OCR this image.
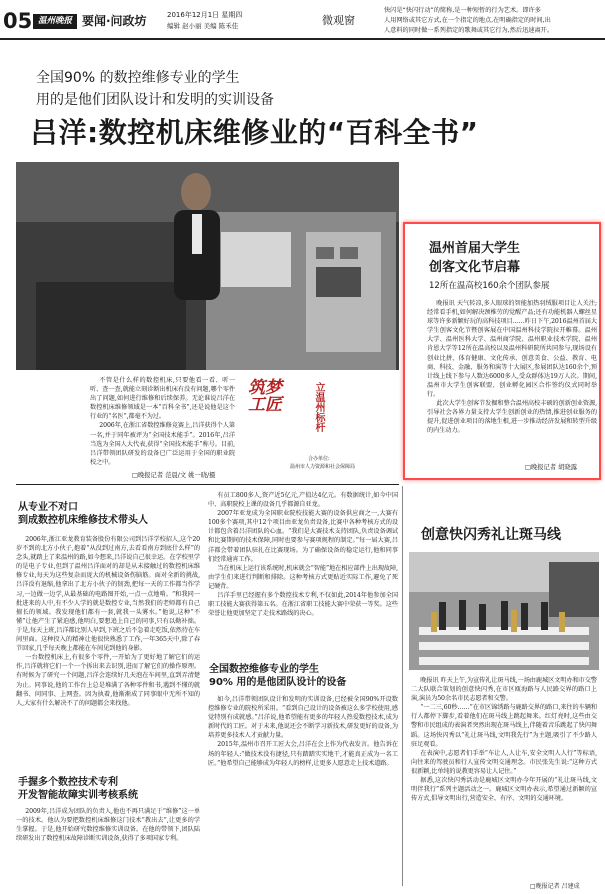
05 温州晚报 要闻·问政坊	2016年12月1日 星期四
编辑 赵小丽 美编 陈禾佳	微观窗
快闪是“快闪行动”的简称,是一种短暂的行为艺术。即许多
人用网络或其它方式,在一个指定的地点,在明确指定的时间,出
人意料的同时做一系列指定的歌舞或其它行为,然后迅速离开。
全国90% 的数控维修专业的学生
用的是他们团队设计和发明的实训设备
吕洋:数控机床维修业的“百科全书”

不管是什么样的数控机床,只要他看一看、听一听、查一查,就能立刻诊断出机床有没有问题,哪个零件出了问题,如何进行维修和后续保养。无论谁说吕洋在数控机床维修领域是一本“百科全书”,还是说他是这个行业的“名医”,都毫不为过。

2006年,在浙江省数控维修竞赛上,吕洋获得个人第一名,并于同年被评为“全国技术能手”。2016年,吕洋当选为全国人大代表,获得“全国技术能手”称号。目前,吕洋带领团队研发的设备已广泛运用于全国的职业院校之中。

□晚报记者 范晨/文 姚一晓/摄
筑梦工匠	立温州标杆
合办单位:
温州市人力资源和社会保障局
温州首届大学生
创客文化节启幕
12所在温高校160余个团队参展

晚报讯 天气转凉,多人眼球的智能加热羽绒服项目让人关注;经常看手机,如何解决颈椎劳的觉醒产品;还有功能机器人螺丝星球等许多新颖好玩的高科技项目……昨日下午,2016温州首届大学生创客文化节暨创客展在中国温州科技学院拉开帷幕。温州大学、温州医科大学、温州商学院、温州职业技术学院、温州肯恩大学等12所在温高校以及温州科研院所共同参与,现场设有创业比拼、体育健康、文化传承、创意美食、公益、教育、电商、科技、金融、服务和演等十大展区,参展团队达160余个,预计线上线下参与人数达6000多人,受众群体达19万人次。期间,温州市大学生创客联盟、创业孵化园区合作签约仪式同时举行。

此次大学生创客节发掘和整合温州高校丰硕的创新创业资源,引导社会各界力量支持大学生创新创业的热情,推进创业服务的提升,促进创业项目的落地生根,进一步推动经济发展和转型升级的内生动力。

□晚报记者 胡晓露
从专业不对口
到成数控机床维修技术带头人

2006年,浙江亚龙教育装备股份有限公司到吕洋学校招人,这个20岁不到的北方小伙子,抱着“从没到过南方,去看看南方到底什么样”的念头,就踏上了来温州的路,如今想来,吕洋说自己很幸运。在学校里学的是电子专业,但到了温州吕洋面对的却是从未接触过的数控机床维修专业,每天为这些复杂而庞大的机械设备伤脑筋。面对全新的挑战,吕洋没有退缩,他拿出了北方小伙子的韧劲,把每一天的工作都当作学习,一边做一边学,从最基础的电路图开始,一点一点地啃。“和我同一批进来的人中,有不少人学的就是数控专业,当然我们的老师都有自己擅长的领域。我发现他们都有一套,就我一头雾水。”他说,这种“不懂”让他产生了紧迫感,他明白,要想追上自己的同事,只有以勤补拙。于是,每天上班,吕洋都比别人早到,下班之后不急着走吃饭,依然待在车间里面。这种投入的精神让他很快熟悉了工作,一年365天中,除了春节回家,几乎每天晚上都能在车间见到他的身影。

一台数控机床上,有很多个零件,一开始为了更好地了解它们的运作,吕洋就将它们一个一个拆出来去识别,进而了解它们的操作原理。有时候为了研究一个问题,吕洋会连续好几天泡在车间里,直到弄清楚为止。同事说,他的工作台上总是堆满了各种零件和书,遇到不懂的就翻书、问同事、上网查。因为执着,他渐渐成了同事眼中无所不知的人,大家有什么解决不了的问题都会来找他。

手握多个数控技术专利
开发智能故障实训考核系统

2009年,吕洋成为团队的负责人,他也不再只满足于“维修”这一单一的技术。他认为要把数控机床维修这门技术“教出去”,让更多的学生掌握。于是,他开始研究数控维修实训设备。在他的带领下,团队陆续研发出了数控机床故障诊断实训设备,获得了多项国家专利。

有员工800多人,资产近5亿元,产值达4亿元。有数据统计,如今中国中、高职院校上课的设备几乎都源自亚龙。

2007年亚龙成为全国职业院校技能大赛的设备供应商之一,大赛有100多个赛项,其中12个项目由亚龙负责设备,比赛中各种考核方式的设计都包含着吕洋团队的心血。“我们是大赛技术支持团队,负责设备调试和比赛期间的技术保障,同时也要参与赛项规程的制定。”每一届大赛,吕洋都会带着团队驻扎在比赛现场。为了确保设备的稳定运行,他和同事们经常通宵工作。

当在机床上运行该系统时,机床就会“智能”地在相应部件上出现故障,由学生们来进行判断和排除。这种考核方式更贴近实际工作,避免了死记硬背。

吕洋手里已经握有多个数控技术专利,不仅如此,2014年他参加全国职工技能大赛获得第五名。在浙江省职工技能大赛中荣获一等奖。这些荣誉让他更加坚定了走技术路线的决心。

全国数控维修专业的学生
90% 用的是他团队设计的设备

如今,吕洋带领团队设计和发明的实训设备,已经被全国90%开设数控维修专业的院校所采用。“看到自己设计的设备被这么多学校使用,感觉特别有成就感。”吕洋说,他希望能有更多的年轻人热爱数控技术,成为新时代的工匠。对于未来,他说还会不断学习新技术,研发更好的设备,为培养更多技术人才贡献力量。

2015年,温州市召开工匠大会,吕洋在会上作为代表发言。他告诉在场的年轻人:“做技术没有捷径,只有踏踏实实地干,才能真正成为一名工匠。”他希望自己能够成为年轻人的榜样,让更多人愿意走上技术道路。

创意快闪秀礼让斑马线

晚报讯 昨天上午,为宣传礼让斑马线,一场由鹿城区文明办和市交警二大队联合策划的创意快闪秀,在市区瓯海路与人民路交界的路口上演,演员为50余名市民志愿者和交警。

“一二三,60秒……”在市区锦绣路与鹿路交界的路口,来往的车辆和行人都停下脚步,看着他们在斑马线上跳起舞来。红灯亮时,这些由交警和市民组成的表演者突然出现在斑马线上,伴随着音乐跳起了快闪舞蹈。这场快闪秀以“礼让斑马线,文明我先行”为主题,吸引了不少路人驻足观看。

在表演中,志愿者们手举“车让人,人让车,安全文明人人行”等标语,向往来的驾驶员和行人宣传文明交通理念。市民张先生说:“这种方式很新颖,比单纯的说教更容易让人记住。”

据悉,这次快闪秀活动是鹿城区文明办今年开展的“礼让斑马线,文明伴我行”系列主题活动之一。鹿城区文明办表示,希望通过新颖的宣传方式,倡导文明出行,营造安全、有序、文明的交通环境。

□晚报记者 吕建成
